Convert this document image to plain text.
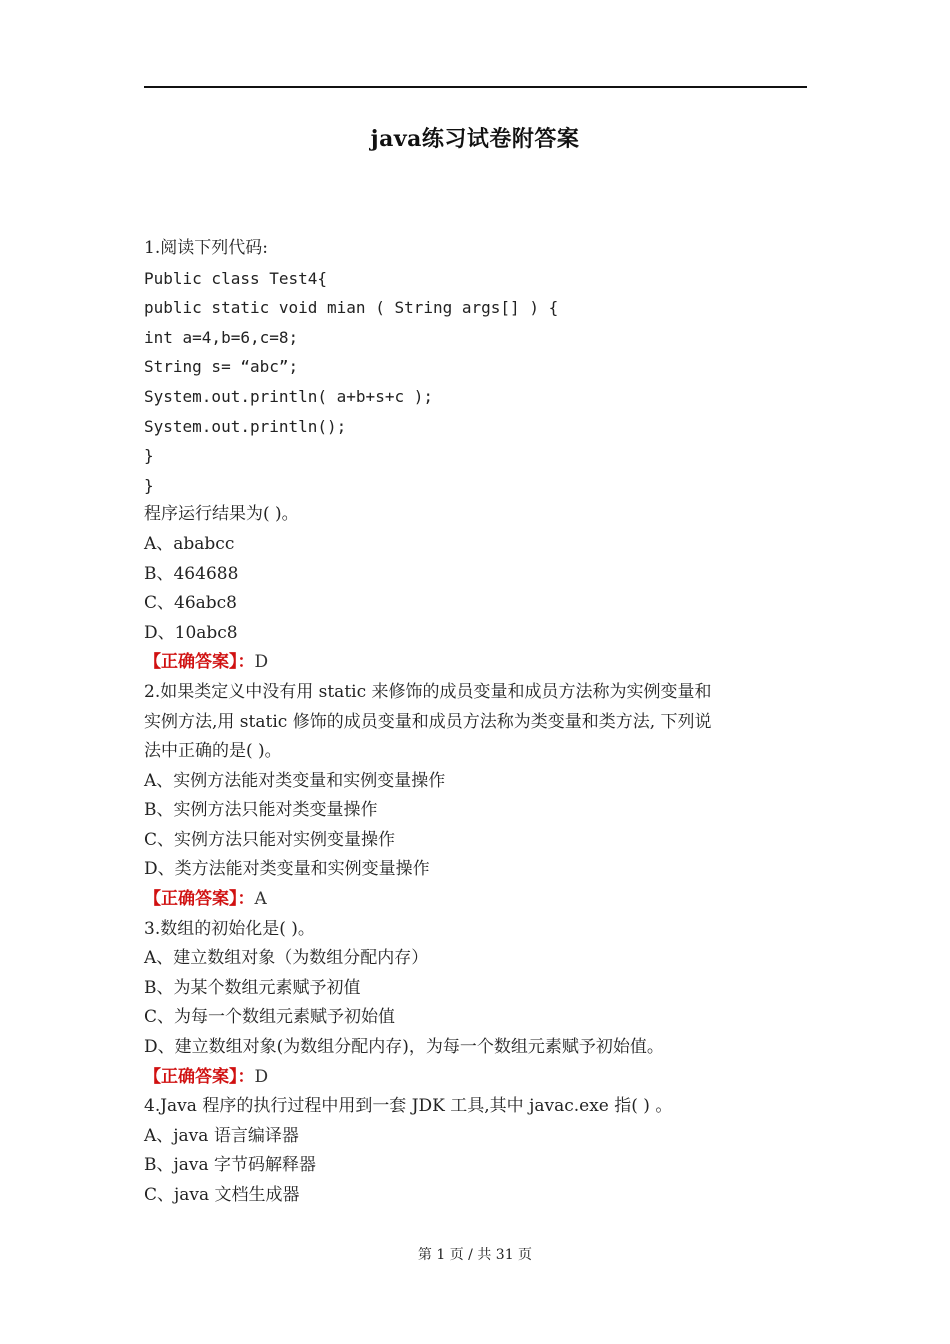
java练习试卷附答案

1.阅读下列代码:

Public class Test4{

public static void mian ( String args[] ) {

int a=4,b=6,c=8;

String s= “abc”;

System.out.println( a+b+s+c );

System.out.println();

}

}

程序运行结果为( )。

A、ababcc

B、464688

C、46abc8

D、10abc8

【正确答案】：D

2.如果类定义中没有用 static 来修饰的成员变量和成员方法称为实例变量和

实例方法,用 static 修饰的成员变量和成员方法称为类变量和类方法, 下列说

法中正确的是( )。

A、实例方法能对类变量和实例变量操作

B、实例方法只能对类变量操作

C、实例方法只能对实例变量操作

D、类方法能对类变量和实例变量操作

【正确答案】：A

3.数组的初始化是( )。

A、建立数组对象（为数组分配内存）

B、为某个数组元素赋予初值

C、为每一个数组元素赋予初始值

D、建立数组对象(为数组分配内存)，为每一个数组元素赋予初始值。

【正确答案】：D

4.Java 程序的执行过程中用到一套 JDK 工具,其中 javac.exe 指( ) 。

A、java 语言编译器

B、java 字节码解释器

C、java 文档生成器

第 1 页 / 共 31 页
